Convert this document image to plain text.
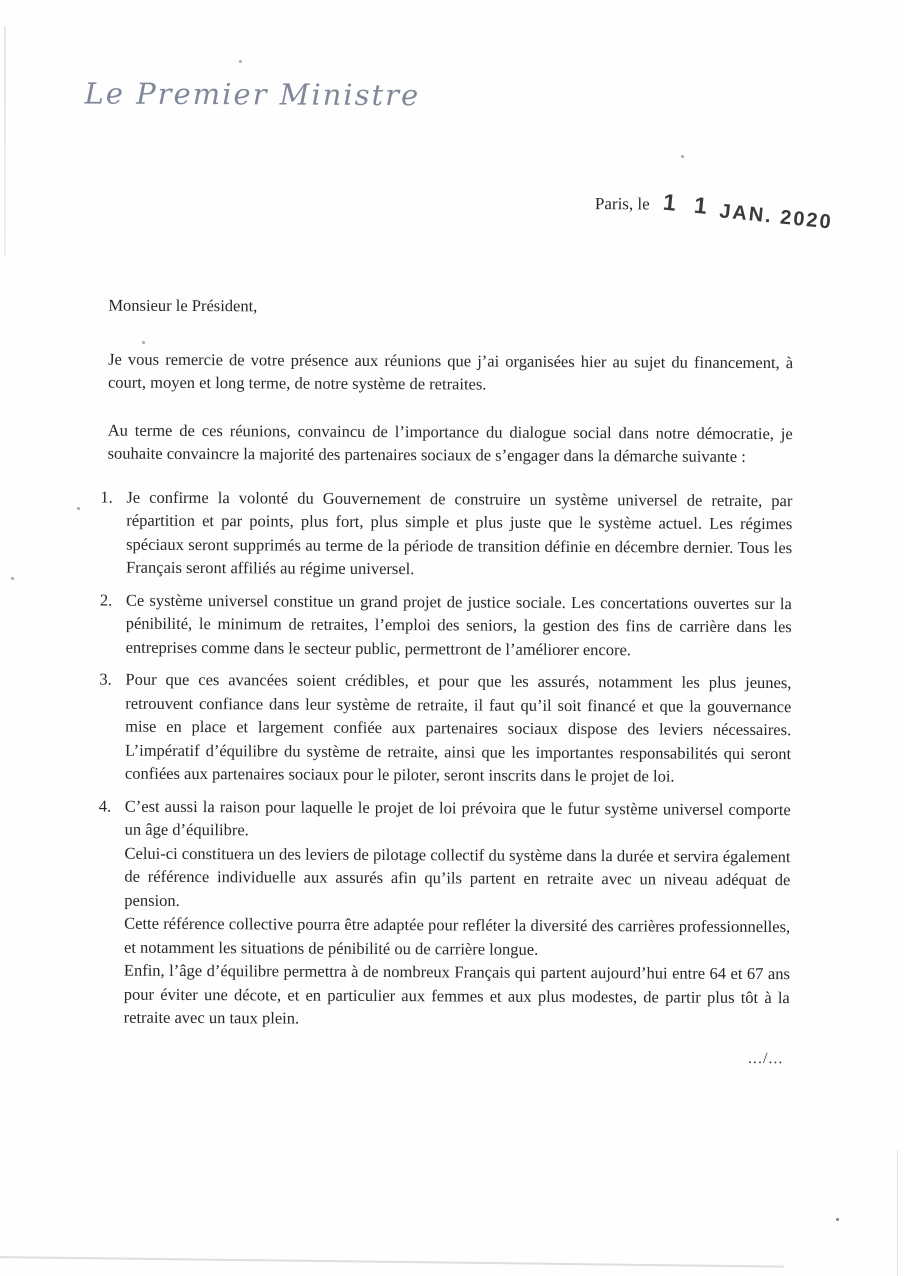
Le Premier Ministre
Paris, le 1 1 JAN. 2020

Monsieur le Président,

Je vous remercie de votre présence aux réunions que j’ai organisées hier au sujet du financement, à court, moyen et long terme, de notre système de retraites.

Au terme de ces réunions, convaincu de l’importance du dialogue social dans notre démocratie, je souhaite convaincre la majorité des partenaires sociaux de s’engager dans la démarche suivante :

1. Je confirme la volonté du Gouvernement de construire un système universel de retraite, par répartition et par points, plus fort, plus simple et plus juste que le système actuel. Les régimes spéciaux seront supprimés au terme de la période de transition définie en décembre dernier. Tous les Français seront affiliés au régime universel.

2. Ce système universel constitue un grand projet de justice sociale. Les concertations ouvertes sur la pénibilité, le minimum de retraites, l’emploi des seniors, la gestion des fins de carrière dans les entreprises comme dans le secteur public, permettront de l’améliorer encore.

3. Pour que ces avancées soient crédibles, et pour que les assurés, notamment les plus jeunes, retrouvent confiance dans leur système de retraite, il faut qu’il soit financé et que la gouvernance mise en place et largement confiée aux partenaires sociaux dispose des leviers nécessaires. L’impératif d’équilibre du système de retraite, ainsi que les importantes responsabilités qui seront confiées aux partenaires sociaux pour le piloter, seront inscrits dans le projet de loi.

4. C’est aussi la raison pour laquelle le projet de loi prévoira que le futur système universel comporte un âge d’équilibre.

Celui-ci constituera un des leviers de pilotage collectif du système dans la durée et servira également de référence individuelle aux assurés afin qu’ils partent en retraite avec un niveau adéquat de pension.

Cette référence collective pourra être adaptée pour refléter la diversité des carrières professionnelles, et notamment les situations de pénibilité ou de carrière longue.

Enfin, l’âge d’équilibre permettra à de nombreux Français qui partent aujourd’hui entre 64 et 67 ans pour éviter une décote, et en particulier aux femmes et aux plus modestes, de partir plus tôt à la retraite avec un taux plein.

.../...
